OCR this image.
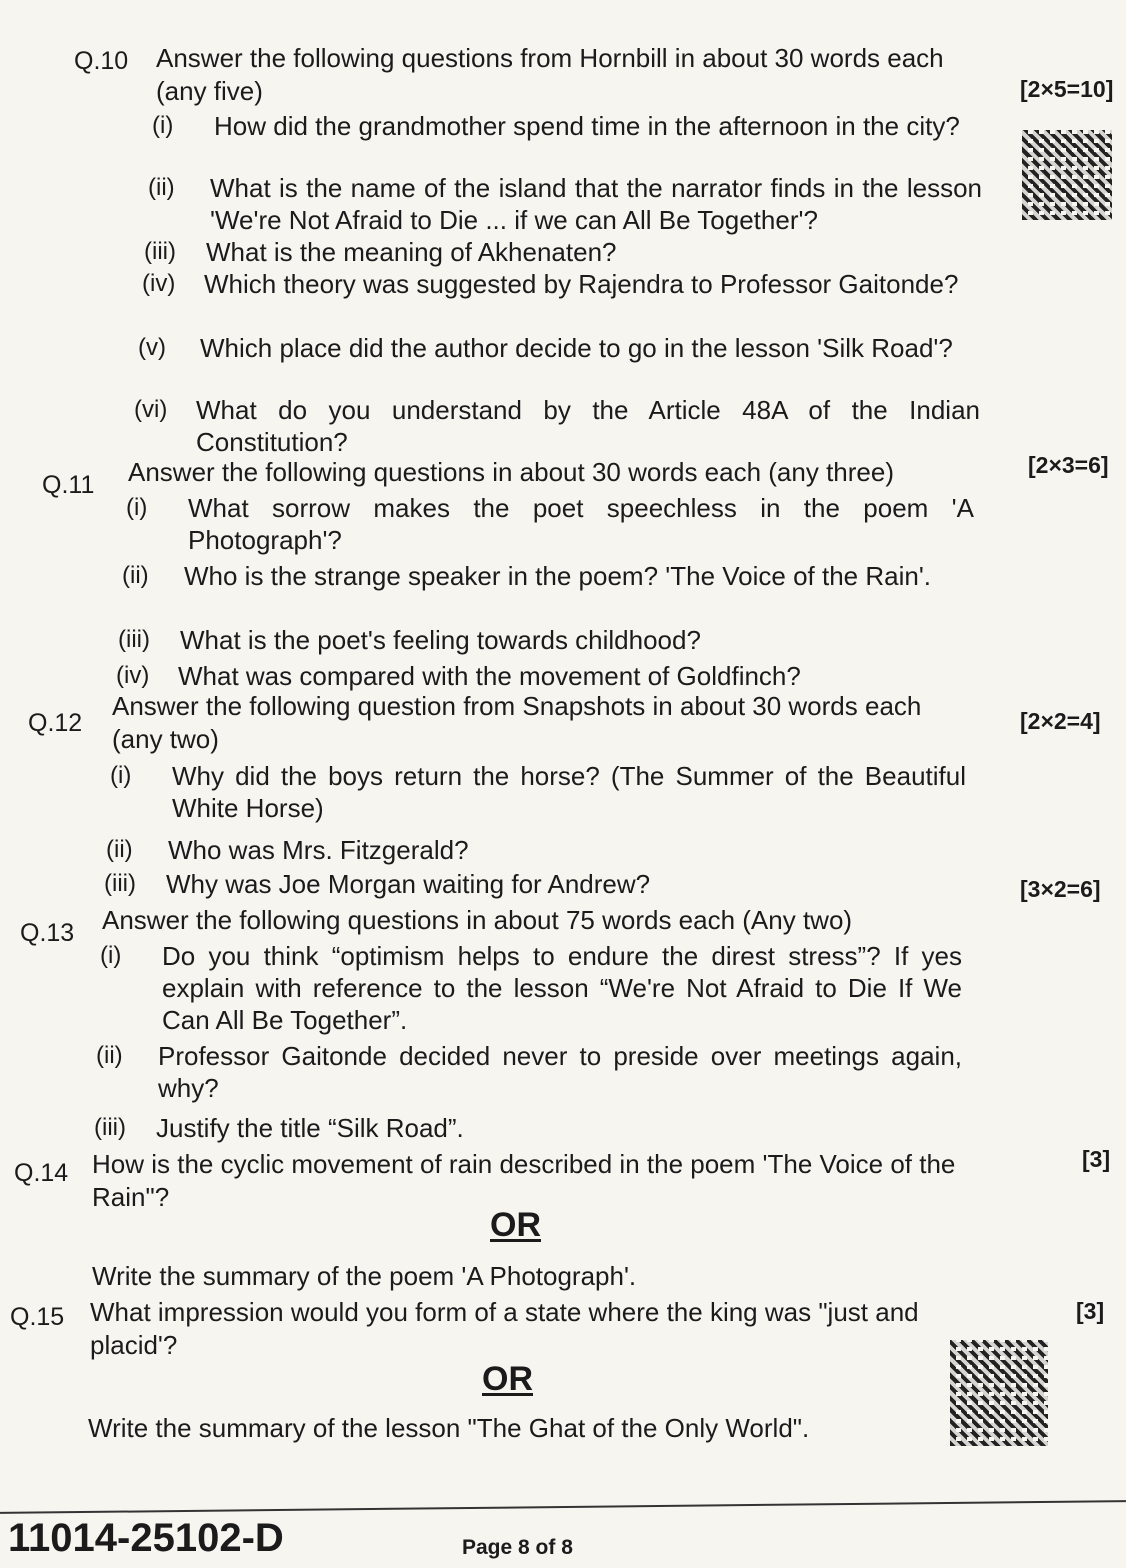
Q.10 Answer the following questions from Hornbill in about 30 words each (any five)	[2×5=10]
(i)	How did the grandmother spend time in the afternoon in the city?
(ii)	What is the name of the island that the narrator finds in the lesson 'We're Not Afraid to Die ... if we can All Be Together'?
(iii)	What is the meaning of Akhenaten?
(iv)	Which theory was suggested by Rajendra to Professor Gaitonde?
(v)	Which place did the author decide to go in the lesson 'Silk Road'?
(vi)	What do you understand by the Article 48A of the Indian Constitution?
Q.11 Answer the following questions in about 30 words each (any three)	[2×3=6]
(i)	What sorrow makes the poet speechless in the poem 'A Photograph'?
(ii)	Who is the strange speaker in the poem? 'The Voice of the Rain'.
(iii)	What is the poet's feeling towards childhood?
(iv)	What was compared with the movement of Goldfinch?
Q.12
Answer the following question from Snapshots in about 30 words each (any two)
[2×2=4]
(i)	Why did the boys return the horse? (The Summer of the Beautiful White Horse)
(ii)	Who was Mrs. Fitzgerald?
(iii)	Why was Joe Morgan waiting for Andrew?
Q.13 Answer the following questions in about 75 words each (Any two)
[3×2=6]
(i)	Do you think “optimism helps to endure the direst stress”? If yes explain with reference to the lesson “We're Not Afraid to Die If We Can All Be Together”.
(ii)	Professor Gaitonde decided never to preside over meetings again, why?
(iii)	Justify the title “Silk Road”.
Q.14 How is the cyclic movement of rain described in the poem 'The Voice of the Rain"?
[3]
OR
Write the summary of the poem 'A Photograph'.
Q.15 What impression would you form of a state where the king was "just and placid'?
[3]
OR
Write the summary of the lesson "The Ghat of the Only World".
11014-25102-D	Page 8 of 8
